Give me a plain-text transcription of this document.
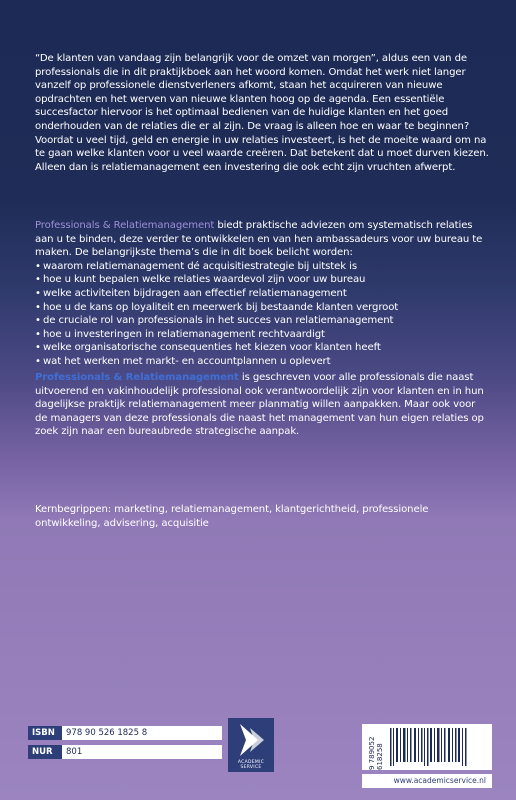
“De klanten van vandaag zijn belangrijk voor de omzet van morgen”, aldus een van de professionals die in dit praktijkboek aan het woord komen. Omdat het werk niet langer vanzelf op professionele dienstverleners afkomt, staan het acquireren van nieuwe opdrachten en het werven van nieuwe klanten hoog op de agenda. Een essentiële succesfactor hiervoor is het optimaal bedienen van de huidige klanten en het goed onderhouden van de relaties die er al zijn. De vraag is alleen hoe en waar te beginnen? Voordat u veel tijd, geld en energie in uw relaties investeert, is het de moeite waard om na te gaan welke klanten voor u veel waarde creëren. Dat betekent dat u moet durven kiezen. Alleen dan is relatiemanagement een investering die ook echt zijn vruchten afwerpt.

Professionals & Relatiemanagement biedt praktische adviezen om systematisch relaties aan u te binden, deze verder te ontwikkelen en van hen ambassadeurs voor uw bureau te maken. De belangrijkste thema’s die in dit boek belicht worden:

• waarom relatiemanagement dé acquisitiestrategie bij uitstek is
• hoe u kunt bepalen welke relaties waardevol zijn voor uw bureau
• welke activiteiten bijdragen aan effectief relatiemanagement
• hoe u de kans op loyaliteit en meerwerk bij bestaande klanten vergroot
• de cruciale rol van professionals in het succes van relatiemanagement
• hoe u investeringen in relatiemanagement rechtvaardigt
• welke organisatorische consequenties het kiezen voor klanten heeft
• wat het werken met markt- en accountplannen u oplevert

Professionals & Relatiemanagement is geschreven voor alle professionals die naast uitvoerend en vakinhoudelijk professional ook verantwoordelijk zijn voor klanten en in hun dagelijkse praktijk relatiemanagement meer planmatig willen aanpakken. Maar ook voor de managers van deze professionals die naast het management van hun eigen relaties op zoek zijn naar een bureaubrede strategische aanpak.

Kernbegrippen: marketing, relatiemanagement, klantgerichtheid, professionele ontwikkeling, advisering, acquisitie

ISBN	978 90 526 1825 8
NUR	801
ACADEMIC SERVICE	9 789052 618258
www.academicservice.nl
